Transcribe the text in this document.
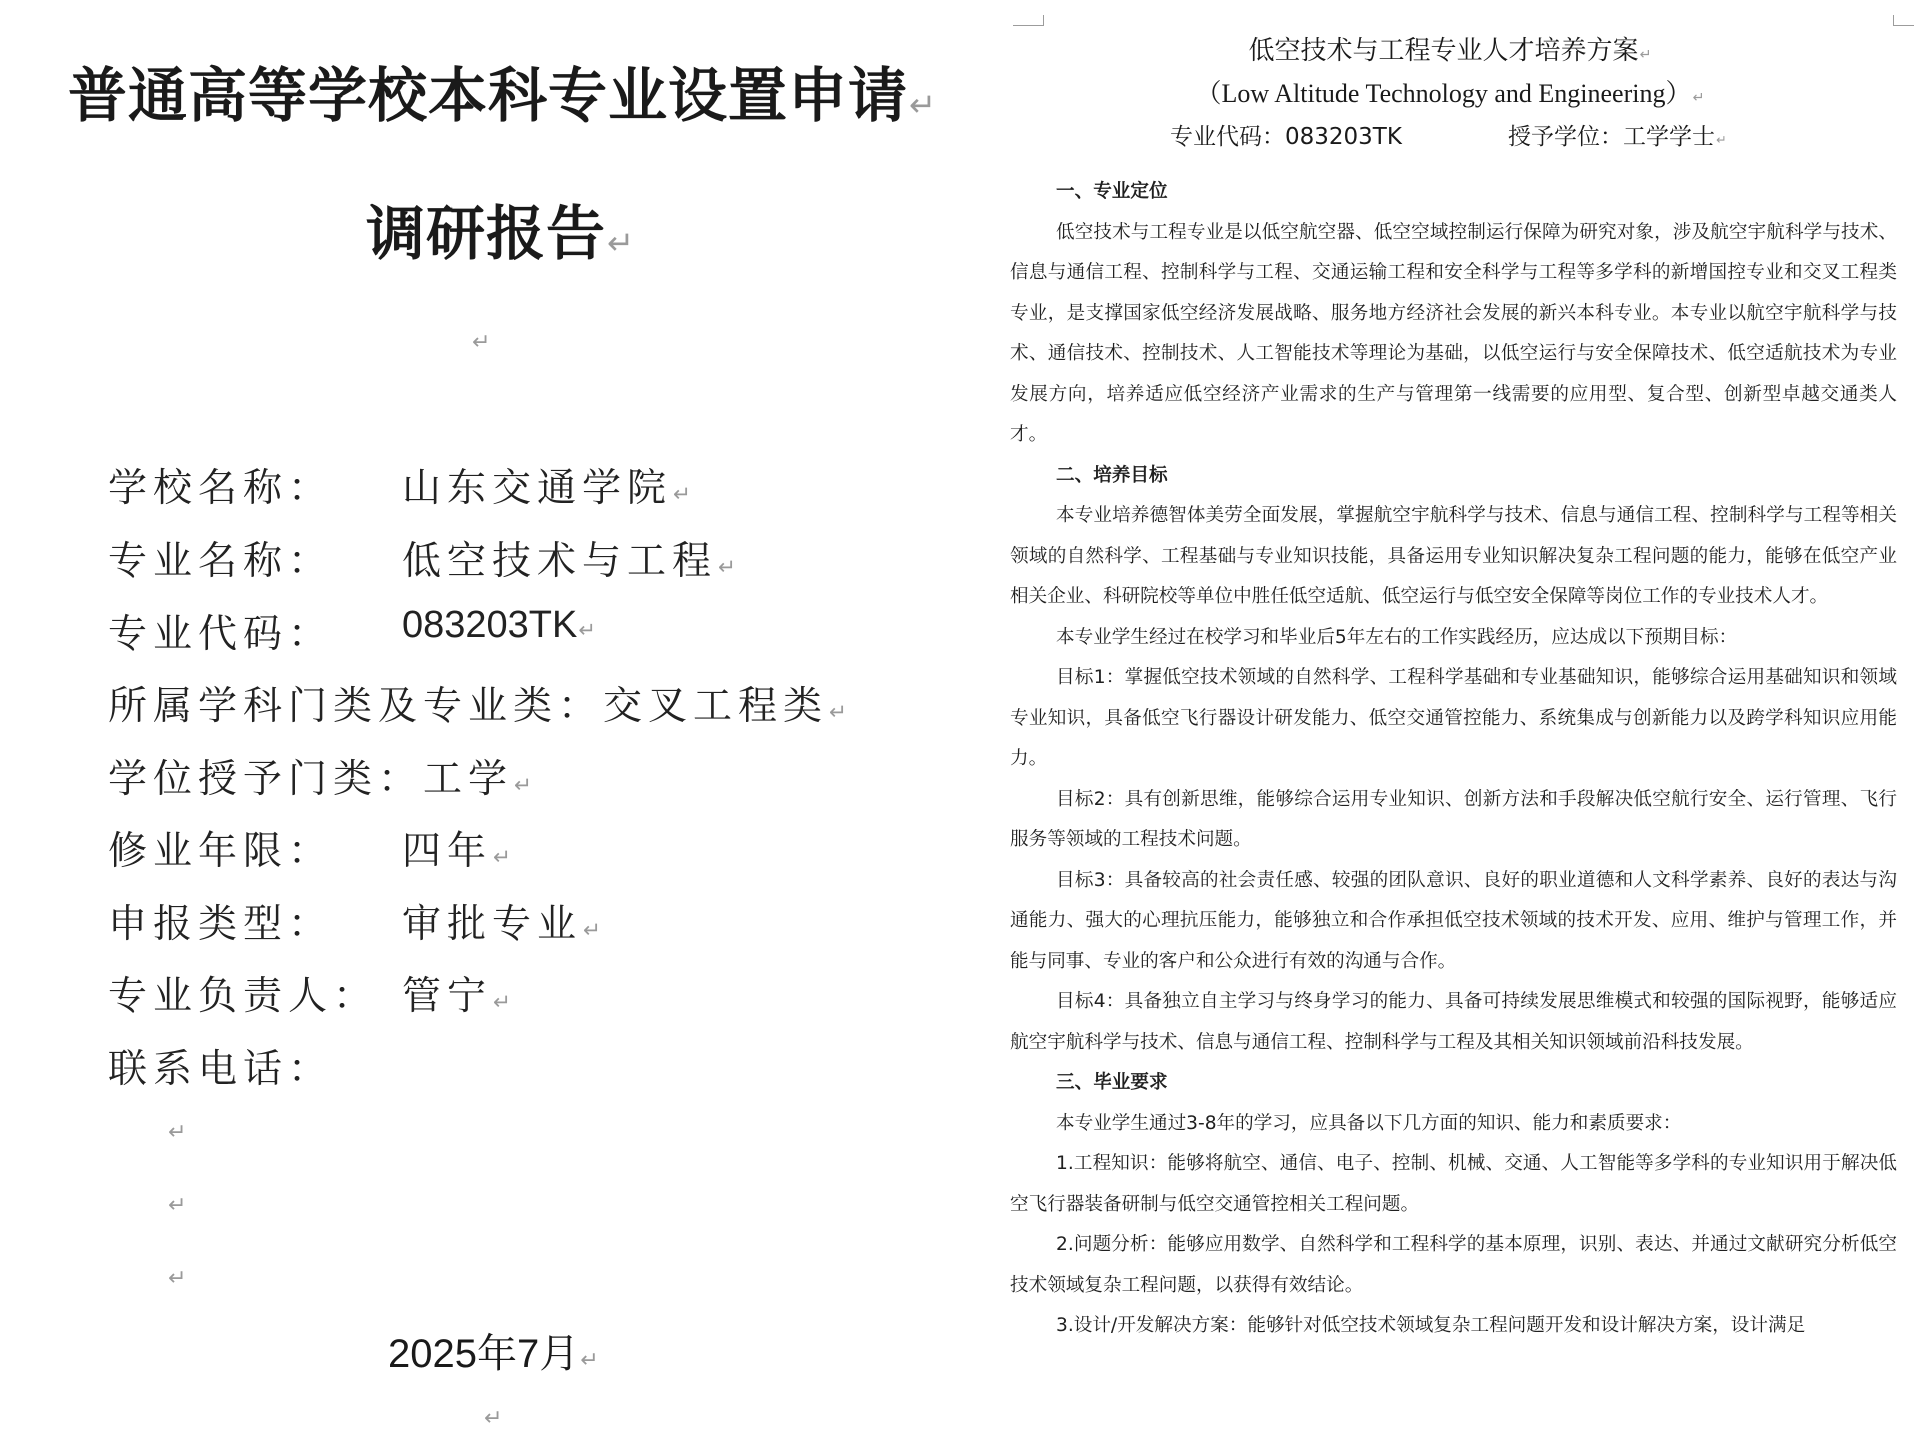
普通高等学校本科专业设置申请↵
调研报告↵
↵
学校名称： 山东交通学院↵
专业名称： 低空技术与工程↵
专业代码： 083203TK↵
所属学科门类及专业类：交叉工程类↵
学位授予门类：工学↵
修业年限： 四年↵
申报类型： 审批专业↵
专业负责人： 管宁↵
联系电话：
↵
↵
↵
2025年7月↵
↵
低空技术与工程专业人才培养方案↵
（Low Altitude Technology and Engineering）↵
专业代码：083203TK	授予学位：工学学士↵

一、专业定位

低空技术与工程专业是以低空航空器、低空空域控制运行保障为研究对象，涉及航空宇航科学与技术、信息与通信工程、控制科学与工程、交通运输工程和安全科学与工程等多学科的新增国控专业和交叉工程类专业，是支撑国家低空经济发展战略、服务地方经济社会发展的新兴本科专业。本专业以航空宇航科学与技术、通信技术、控制技术、人工智能技术等理论为基础，以低空运行与安全保障技术、低空适航技术为专业发展方向，培养适应低空经济产业需求的生产与管理第一线需要的应用型、复合型、创新型卓越交通类人才。

二、培养目标

本专业培养德智体美劳全面发展，掌握航空宇航科学与技术、信息与通信工程、控制科学与工程等相关领域的自然科学、工程基础与专业知识技能，具备运用专业知识解决复杂工程问题的能力，能够在低空产业相关企业、科研院校等单位中胜任低空适航、低空运行与低空安全保障等岗位工作的专业技术人才。

本专业学生经过在校学习和毕业后5年左右的工作实践经历，应达成以下预期目标：

目标1：掌握低空技术领域的自然科学、工程科学基础和专业基础知识，能够综合运用基础知识和领域专业知识，具备低空飞行器设计研发能力、低空交通管控能力、系统集成与创新能力以及跨学科知识应用能力。

目标2：具有创新思维，能够综合运用专业知识、创新方法和手段解决低空航行安全、运行管理、飞行服务等领域的工程技术问题。

目标3：具备较高的社会责任感、较强的团队意识、良好的职业道德和人文科学素养、良好的表达与沟通能力、强大的心理抗压能力，能够独立和合作承担低空技术领域的技术开发、应用、维护与管理工作，并能与同事、专业的客户和公众进行有效的沟通与合作。

目标4：具备独立自主学习与终身学习的能力、具备可持续发展思维模式和较强的国际视野，能够适应航空宇航科学与技术、信息与通信工程、控制科学与工程及其相关知识领域前沿科技发展。

三、毕业要求

本专业学生通过3-8年的学习，应具备以下几方面的知识、能力和素质要求：

1.工程知识：能够将航空、通信、电子、控制、机械、交通、人工智能等多学科的专业知识用于解决低空飞行器装备研制与低空交通管控相关工程问题。

2.问题分析：能够应用数学、自然科学和工程科学的基本原理，识别、表达、并通过文献研究分析低空技术领域复杂工程问题，以获得有效结论。

3.设计/开发解决方案：能够针对低空技术领域复杂工程问题开发和设计解决方案，设计满足
